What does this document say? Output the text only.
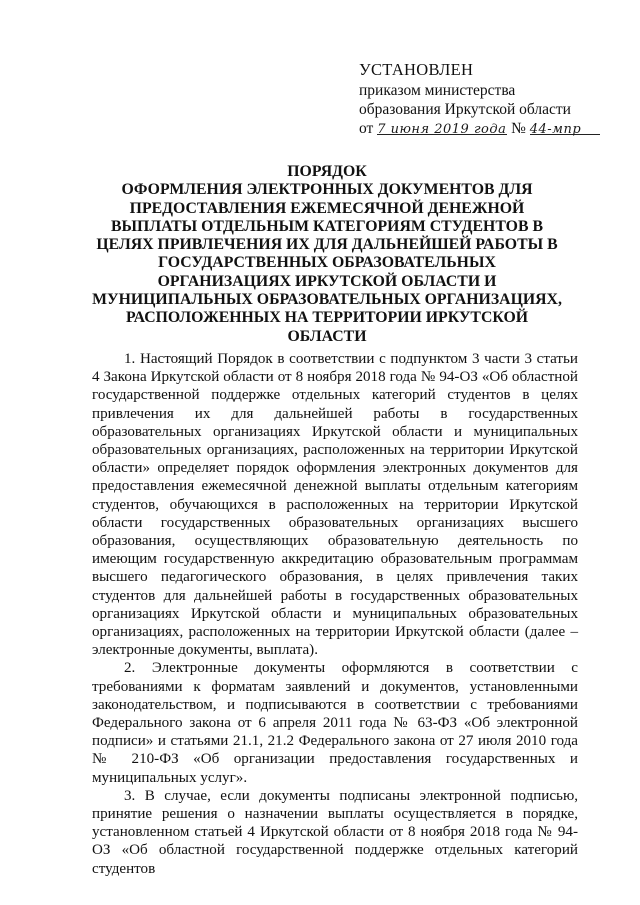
УСТАНОВЛЕН
приказом министерства
образования Иркутской области
от 7 июня 2019 года № 44-мпр
ПОРЯДОК
ОФОРМЛЕНИЯ ЭЛЕКТРОННЫХ ДОКУМЕНТОВ ДЛЯ ПРЕДОСТАВЛЕНИЯ ЕЖЕМЕСЯЧНОЙ ДЕНЕЖНОЙ ВЫПЛАТЫ ОТДЕЛЬНЫМ КАТЕГОРИЯМ СТУДЕНТОВ В ЦЕЛЯХ ПРИВЛЕЧЕНИЯ ИХ ДЛЯ ДАЛЬНЕЙШЕЙ РАБОТЫ В ГОСУДАРСТВЕННЫХ ОБРАЗОВАТЕЛЬНЫХ ОРГАНИЗАЦИЯХ ИРКУТСКОЙ ОБЛАСТИ И МУНИЦИПАЛЬНЫХ ОБРАЗОВАТЕЛЬНЫХ ОРГАНИЗАЦИЯХ, РАСПОЛОЖЕННЫХ НА ТЕРРИТОРИИ ИРКУТСКОЙ ОБЛАСТИ

1. Настоящий Порядок в соответствии с подпунктом 3 части 3 статьи 4 Закона Иркутской области от 8 ноября 2018 года № 94-ОЗ «Об областной государственной поддержке отдельных категорий студентов в целях привлечения их для дальнейшей работы в государственных образовательных организациях Иркутской области и муниципальных образовательных организациях, расположенных на территории Иркутской области» определяет порядок оформления электронных документов для предоставления ежемесячной денежной выплаты отдельным категориям студентов, обучающихся в расположенных на территории Иркутской области государственных образовательных организациях высшего образования, осуществляющих образовательную деятельность по имеющим государственную аккредитацию образовательным программам высшего педагогического образования, в целях привлечения таких студентов для дальнейшей работы в государственных образовательных организациях Иркутской области и муниципальных образовательных организациях, расположенных на территории Иркутской области (далее – электронные документы, выплата).

2. Электронные документы оформляются в соответствии с требованиями к форматам заявлений и документов, установленными законодательством, и подписываются в соответствии с требованиями Федерального закона от 6 апреля 2011 года № 63-ФЗ «Об электронной подписи» и статьями 21.1, 21.2 Федерального закона от 27 июля 2010 года № 210-ФЗ «Об организации предоставления государственных и муниципальных услуг».

3. В случае, если документы подписаны электронной подписью, принятие решения о назначении выплаты осуществляется в порядке, установленном статьей 4 Иркутской области от 8 ноября 2018 года № 94-ОЗ «Об областной государственной поддержке отдельных категорий студентов
